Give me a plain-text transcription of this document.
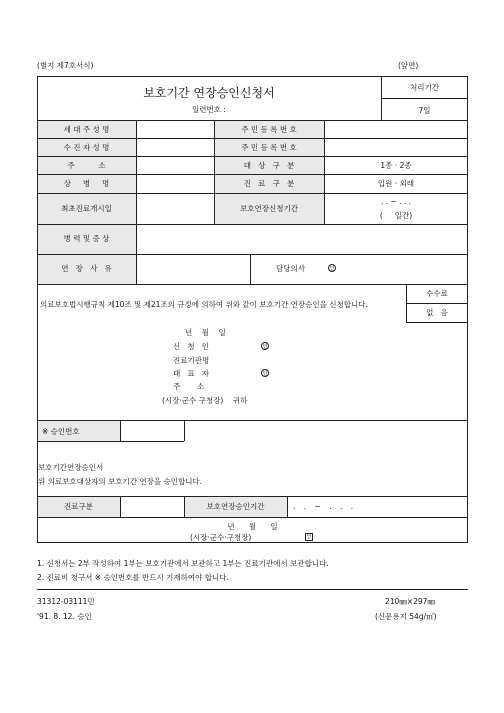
(별지 제7호서식)	(앞면)
보호기간 연장승인신청서
일련번호 :
처리기간
7일
세 대 주 성 명	주 민 등 록 번 호
수 진 자 성 명	주 민 등 록 번 호
주          소	대   상   구   분	1종 · 2종
상     병     명	진   료   구   분	입원 · 외래
최초진료개시일	보호연장신청기간
. . ~ . . .
(     일간)
병 력 및 증 상
연   장   사   유	담당의사	인
수수료
없   음
의료보호법시행규칙 제10조 및 제21조의 규정에 의하여 위와 같이 보호기간 연장승인을 신청합니다.
년    월    일
신   청   인	인
진료기관명
대   표   자	인
주       소
(시장·군수 구청장)    귀하
※ 승인번호
보호기간연장승인서
위 의료보호대상자의 보호기간 연장을 승인합니다.
진료구분	보호연장승인기간	. . ~ . . .
년      월      일
(시장·군수·구청장)	인
1. 신청서는 2부 작성하여 1부는 보호기관에서 보관하고 1부는 진료기관에서 보관합니다.
2. 진료비 청구서 ※ 승인번호를 반드시 기재하여야 합니다.
31312-03111민	210㎜×297㎜
'91. 8. 12. 승인	(신문용지 54g/㎡)
